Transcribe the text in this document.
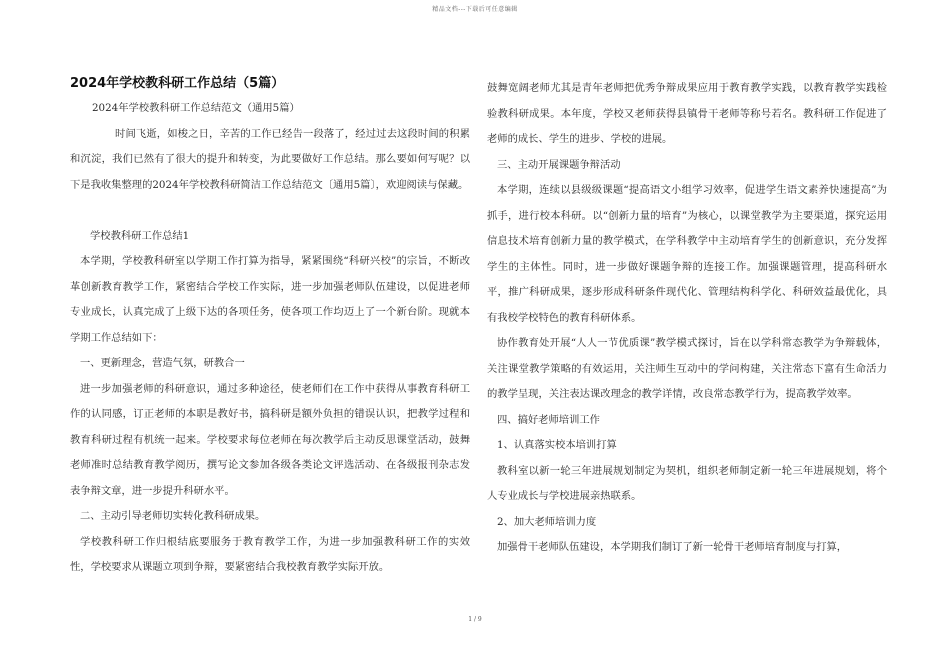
精品文档---下载后可任意编辑
2024年学校教科研工作总结（5篇）

2024年学校教科研工作总结范文（通用5篇）

时间飞逝，如梭之日，辛苦的工作已经告一段落了，经过过去这段时间的积累和沉淀，我们已然有了很大的提升和转变，为此要做好工作总结。那么要如何写呢？以下是我收集整理的2024年学校教科研简洁工作总结范文〔通用5篇〕，欢迎阅读与保藏。

学校教科研工作总结1

本学期，学校教科研室以学期工作打算为指导，紧紧围绕“科研兴校”的宗旨，不断改革创新教育教学工作，紧密结合学校工作实际，进一步加强老师队伍建设，以促进老师专业成长，认真完成了上级下达的各项任务，使各项工作均迈上了一个新台阶。现就本学期工作总结如下：

一、更新理念，营造气氛，研教合一

进一步加强老师的科研意识，通过多种途径，使老师们在工作中获得从事教育科研工作的认同感，订正老师的本职是教好书，搞科研是额外负担的错误认识，把教学过程和教育科研过程有机统一起来。学校要求每位老师在每次教学后主动反思课堂活动，鼓舞老师准时总结教育教学阅历，撰写论文参加各级各类论文评选活动、在各级报刊杂志发表争辩文章，进一步提升科研水平。

二、主动引导老师切实转化教科研成果。

学校教科研工作归根结底要服务于教育教学工作，为进一步加强教科研工作的实效性，学校要求从课题立项到争辩，要紧密结合我校教育教学实际开放。

鼓舞宽阔老师尤其是青年老师把优秀争辩成果应用于教育教学实践，以教育教学实践检验教科研成果。本年度，学校又老师获得县镇骨干老师等称号若名。教科研工作促进了老师的成长、学生的进步、学校的进展。

三、主动开展课题争辩活动

本学期，连续以县级级课题“提高语文小组学习效率，促进学生语文素养快速提高”为抓手，进行校本科研。以“创新力量的培育”为核心，以课堂教学为主要渠道，探究运用信息技术培育创新力量的教学模式，在学科教学中主动培育学生的创新意识，充分发挥学生的主体性。同时，进一步做好课题争辩的连接工作。加强课题管理，提高科研水平，推广科研成果，逐步形成科研条件现代化、管理结构科学化、科研效益最优化，具有我校学校特色的教育科研体系。

协作教育处开展“人人一节优质课”教学模式探讨，旨在以学科常态教学为争辩载体，关注课堂教学策略的有效运用，关注师生互动中的学问构建，关注常态下富有生命活力的教学呈现，关注表达课改理念的教学详情，改良常态教学行为，提高教学效率。

四、搞好老师培训工作

1、认真落实校本培训打算

教科室以新一轮三年进展规划制定为契机，组织老师制定新一轮三年进展规划，将个人专业成长与学校进展亲热联系。

2、加大老师培训力度

加强骨干老师队伍建设，本学期我们制订了新一轮骨干老师培育制度与打算，

1 / 9
